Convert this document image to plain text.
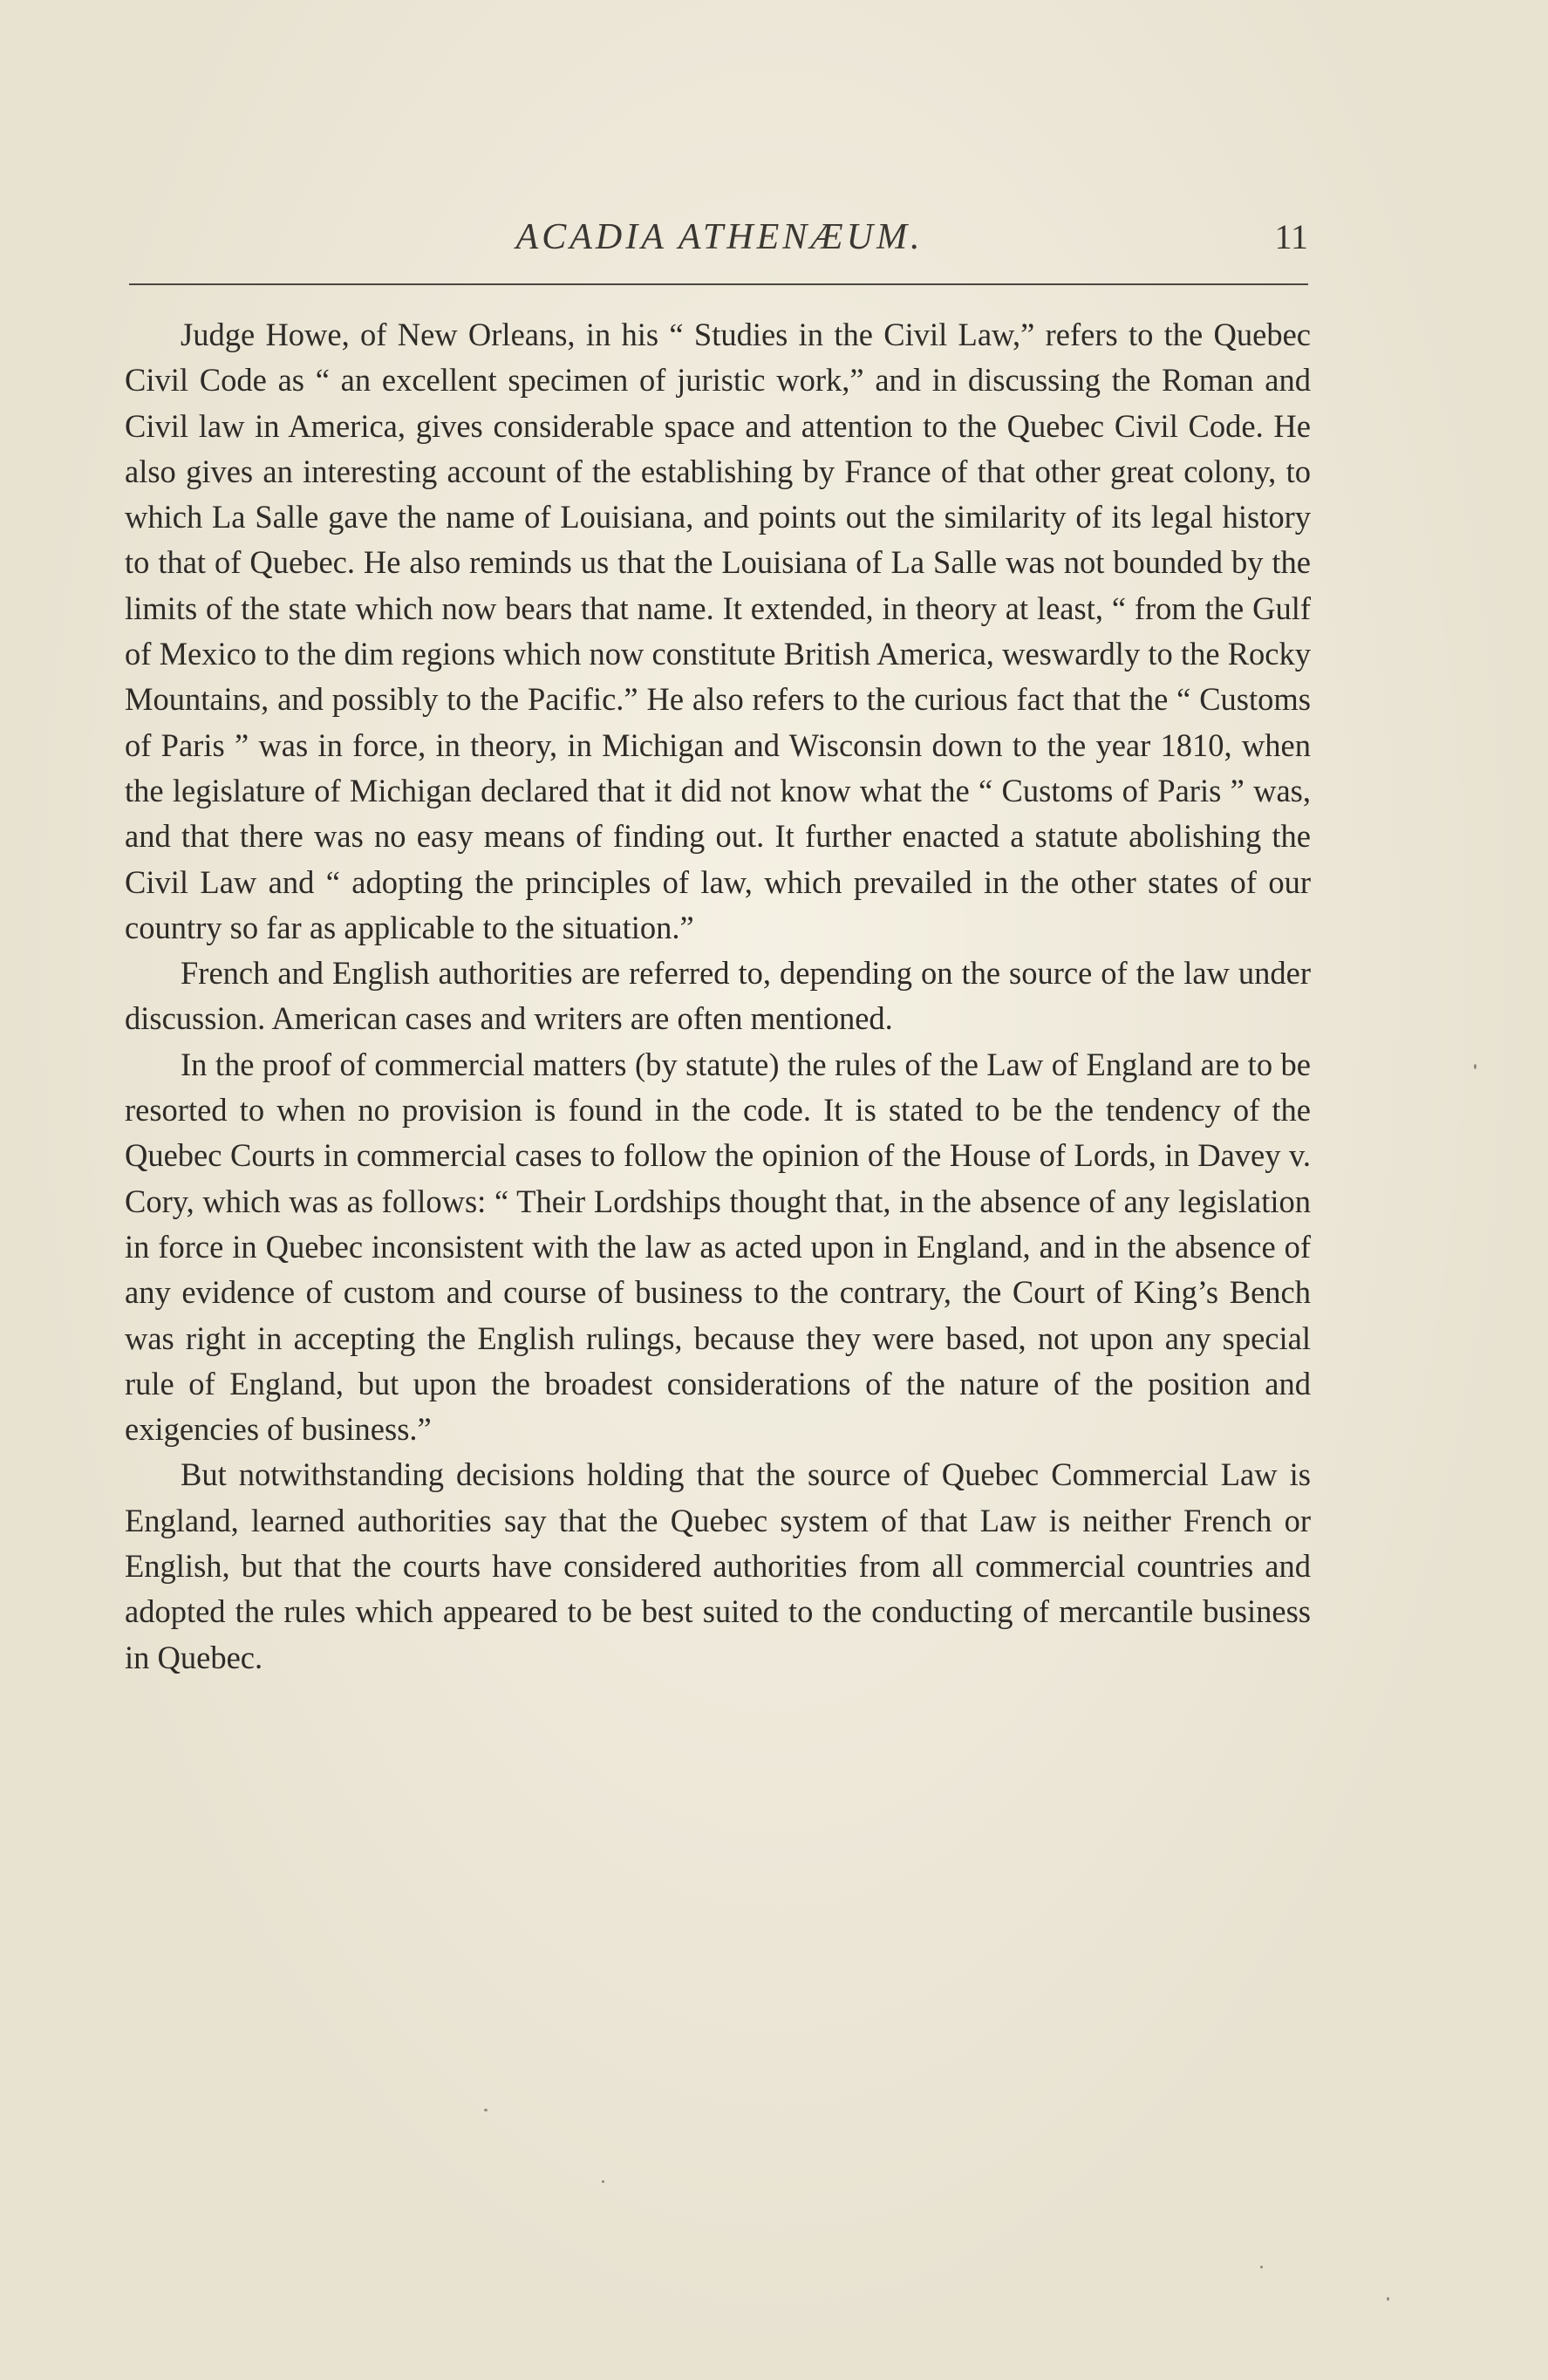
ACADIA ATHENÆUM.	11

Judge Howe, of New Orleans, in his “ Studies in the Civil Law,” refers to the Quebec Civil Code as “ an excellent specimen of juristic work,” and in discussing the Roman and Civil law in America, gives considerable space and attention to the Quebec Civil Code. He also gives an interesting account of the establishing by France of that other great colony, to which La Salle gave the name of Louisiana, and points out the similarity of its legal history to that of Quebec. He also reminds us that the Louisiana of La Salle was not bounded by the limits of the state which now bears that name. It extended, in theory at least, “ from the Gulf of Mexico to the dim regions which now constitute British America, weswardly to the Rocky Mountains, and possibly to the Pacific.” He also refers to the curious fact that the “ Customs of Paris ” was in force, in theory, in Michigan and Wisconsin down to the year 1810, when the legislature of Michigan declared that it did not know what the “ Customs of Paris ” was, and that there was no easy means of finding out. It further enacted a statute abolishing the Civil Law and “ adopting the principles of law, which prevailed in the other states of our country so far as applicable to the situation.”

French and English authorities are referred to, depending on the source of the law under discussion. American cases and writers are often mentioned.

In the proof of commercial matters (by statute) the rules of the Law of England are to be resorted to when no provision is found in the code. It is stated to be the tendency of the Quebec Courts in commercial cases to follow the opinion of the House of Lords, in Davey v. Cory, which was as follows: “ Their Lordships thought that, in the absence of any legislation in force in Quebec inconsistent with the law as acted upon in England, and in the absence of any evidence of custom and course of business to the contrary, the Court of King’s Bench was right in accepting the English rulings, because they were based, not upon any special rule of England, but upon the broadest considerations of the nature of the position and exigencies of business.”

But notwithstanding decisions holding that the source of Quebec Commercial Law is England, learned authorities say that the Quebec system of that Law is neither French or English, but that the courts have considered authorities from all commercial countries and adopted the rules which appeared to be best suited to the conducting of mercantile business in Quebec.
